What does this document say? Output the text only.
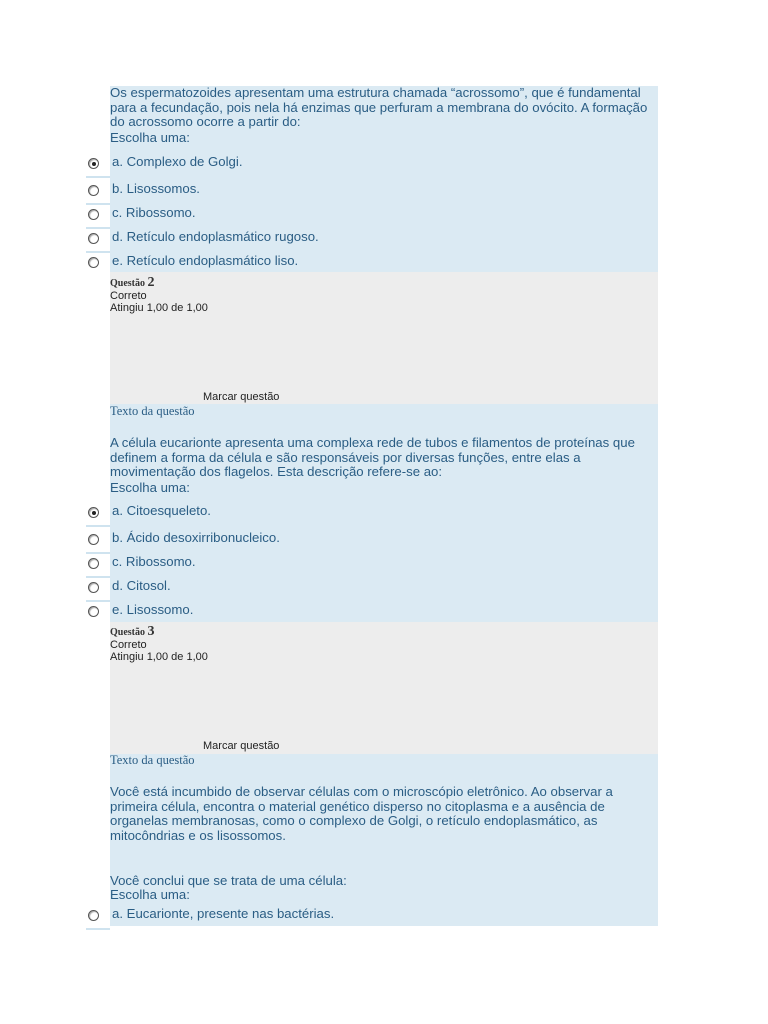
Os espermatozoides apresentam uma estrutura chamada “acrossomo”, que é fundamental para a fecundação, pois nela há enzimas que perfuram a membrana do ovócito. A formação do acrossomo ocorre a partir do:
Escolha uma:
a. Complexo de Golgi.
b. Lisossomos.
c. Ribossomo.
d. Retículo endoplasmático rugoso.
e. Retículo endoplasmático liso.
Questão 2
Correto
Atingiu 1,00 de 1,00
Marcar questão
Texto da questão
A célula eucarionte apresenta uma complexa rede de tubos e filamentos de proteínas que definem a forma da célula e são responsáveis por diversas funções, entre elas a movimentação dos flagelos. Esta descrição refere-se ao:
Escolha uma:
a. Citoesqueleto.
b. Ácido desoxirribonucleico.
c. Ribossomo.
d. Citosol.
e. Lisossomo.
Questão 3
Correto
Atingiu 1,00 de 1,00
Marcar questão
Texto da questão
Você está incumbido de observar células com o microscópio eletrônico. Ao observar a primeira célula, encontra o material genético disperso no citoplasma e a ausência de organelas membranosas, como o complexo de Golgi, o retículo endoplasmático, as mitocôndrias e os lisossomos.
Você conclui que se trata de uma célula:
Escolha uma:
a. Eucarionte, presente nas bactérias.
